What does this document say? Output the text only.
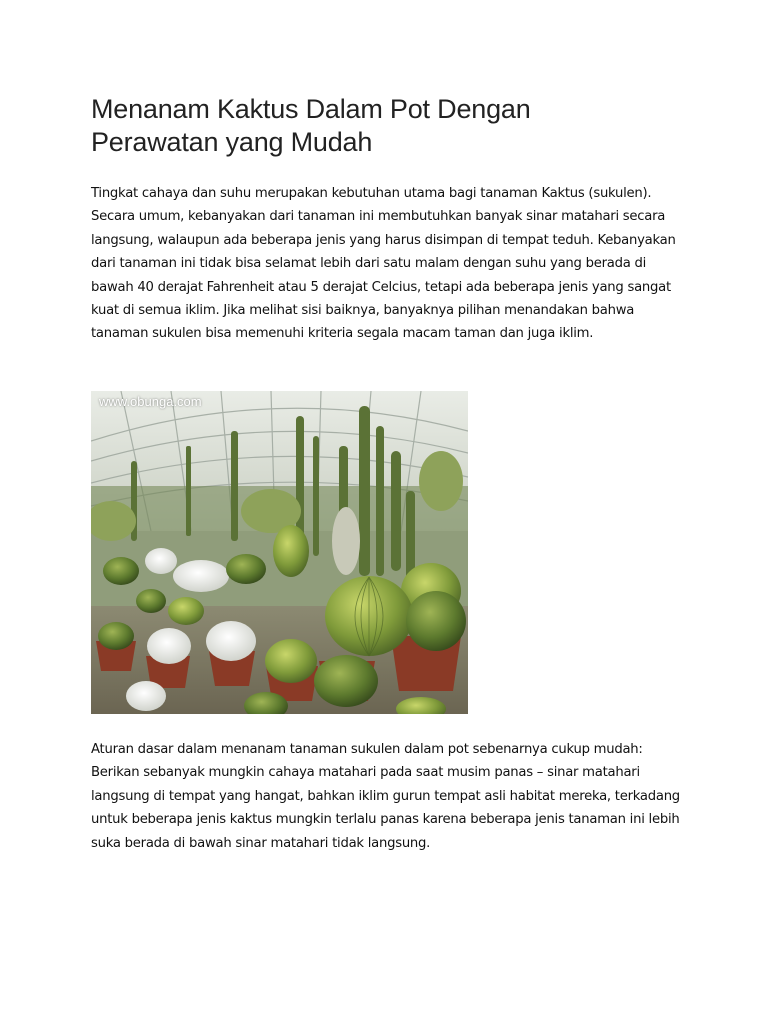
Menanam Kaktus Dalam Pot Dengan
Perawatan yang Mudah

Tingkat cahaya dan suhu merupakan kebutuhan utama bagi tanaman Kaktus (sukulen). Secara umum, kebanyakan dari tanaman ini membutuhkan banyak sinar matahari secara langsung, walaupun ada beberapa jenis yang harus disimpan di tempat teduh. Kebanyakan dari tanaman ini tidak bisa selamat lebih dari satu malam dengan suhu yang berada di bawah 40 derajat Fahrenheit atau 5 derajat Celcius, tetapi ada beberapa jenis yang sangat kuat di semua iklim. Jika melihat sisi baiknya, banyaknya pilihan menandakan bahwa tanaman sukulen bisa memenuhi kriteria segala macam taman dan juga iklim.

www.obunga.com

Aturan dasar dalam menanam tanaman sukulen dalam pot sebenarnya cukup mudah: Berikan sebanyak mungkin cahaya matahari pada saat musim panas – sinar matahari langsung di tempat yang hangat, bahkan iklim gurun tempat asli habitat mereka, terkadang untuk beberapa jenis kaktus mungkin terlalu panas karena beberapa jenis tanaman ini lebih suka berada di bawah sinar matahari tidak langsung.
